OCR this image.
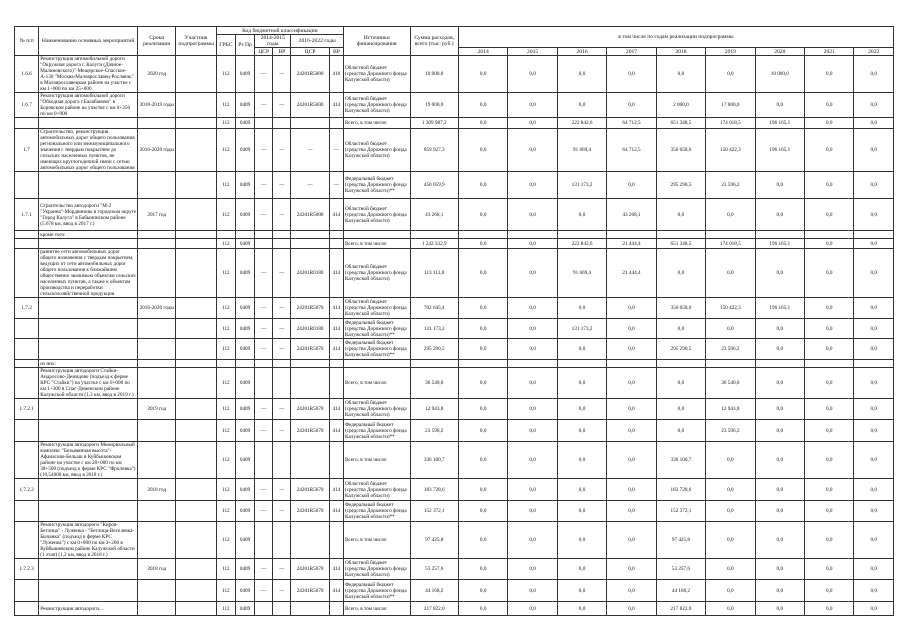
№ п/п	Наименование основных мероприятий	Сроки реализации	Участник подпрограммы	Код бюджетной классификации						Источники финансирования	Сумма расходов, всего (тыс. руб.)	в том числе по годам реализации подпрограммы								
				ГРБС	Рз Пр	2014-2015 годы		2016-2022 годы												
						ЦСР	ВР	ЦСР	ВР			2014	2015	2016	2017	2018	2019	2020	2021	2022
1.6.6	Реконструкция автомобильной дороги "Окружная дорога г. Калуги (Дачное-Малиновского)"-Мещерское-Спасское-А-130 "Москва-Малоярославец-Рославль" в Малоярославецком районе на участке с км 1+000 по км 25+000	2020 год		112	0409	—	—	24201R5000	416	Областной бюджет (средства Дорожного фонда Калужской области)	10 000,0	0,0	0,0	0,0	0,0	0,0	0,0	10 000,0	0,0	0,0
1.6.7	Реконструкция автомобильной дороги "Обходная дорога г.Балабаново" в Боровском районе на участке с км 0+250 по км 0+900	2018-2019 годы		112	0409	—	—	24201R5000	414	Областной бюджет (средства Дорожного фонда Калужской области)	19 000,0	0,0	0,0	0,0	0,0	2 000,0	17 000,0	0,0	0,0	0,0
				112	0409					Всего, в том числе:	1 309 987,2	0,0	0,0	222 842,6	64 712,5	651 348,5	174 018,5	196 165,1	0,0	0,0
1.7	Строительство, реконструкция автомобильных дорог общего пользования регионального или межмуниципального значения с твердым покрытием до сельских населенных пунктов, не имеющих круглогодичной связи с сетью автомобильных дорог общего пользования	2016-2020 годы		112	0409	—	—	—	—	Областной бюджет (средства Дорожного фонда Калужской области)	859 927,3	0,0	0,0	91 669,4	64 712,5	356 058,0	150 422,3	196 165,1	0,0	0,0
				112	0409	—	—	—	—	Федеральный бюджет (средства Дорожного фонда Калужской области)**	450 059,9	0,0	0,0	131 173,2	0,0	295 290,5	23 596,2	0,0	0,0	0,0
1.7.1	Строительство автодороги "М-3 "Украина"-Мордвиново в городском округе "Город Калуга" в Бабынинском районе (5,678 км, ввод в 2017 г.)	2017 год		112	0409	—	—	24201R5000	414	Областной бюджет (средства Дорожного фонда Калужской области)	43 268,1	0,0	0,0	0,0	43 268,1	0,0	0,0	0,0	0,0	0,0
	кроме того:																			
				112	0409					Всего, в том числе:	1 242 332,9	0,0	0,0	222 842,6	21 444,4	651 348,5	174 018,5	196 165,1	0,0	0,0
	развитие сети автомобильных дорог общего назначения с твердым покрытием, ведущих от сети автомобильных дорог общего пользования к ближайшим общественно значимым объектам сельских населенных пунктов, а также к объектам производства и переработки сельскохозяйственной продукции			112	0409	—	—	24201R0180	414	Областной бюджет (средства Дорожного фонда Калужской области)	113 113,8	0,0	0,0	91 669,4	21 444,4	0,0	0,0	0,0	0,0	0,0
1.7.2		2016-2020 годы		112	0409	—	—	24201R5670	414	Областной бюджет (средства Дорожного фонда Калужской области)	702 645,4	0,0	0,0	0,0	0,0	356 058,0	150 422,3	196 165,1	0,0	0,0
				112	0409	—	—	24201R0180	414	Федеральный бюджет (средства Дорожного фонда Калужской области)**	131 173,2	0,0	0,0	131 173,2	0,0	0,0	0,0	0,0	0,0	0,0
				112	0409	—	—	24201R5670	414	Федеральный бюджет (средства Дорожного фонда Калужской области)**	295 290,5	0,0	0,0	0,0	0,0	295 290,5	23 596,2	0,0	0,0	0,0
	из них:																			
	Реконструкция автодороги Стайки-Андросово-Демидово (подъезд к ферме КРС "Стайки") на участке с км 0+000 по км 1+300 в Спас-Деменском районе Калужской области (1,3 км, ввод в 2019 г.)			112	0409					Всего, в том числе:	36 540,0	0,0	0,0	0,0	0,0	0,0	36 540,0	0,0	0,0	0,0
1.7.2.1		2019 год		112	0409	—	—	24201R5670	414	Областной бюджет (средства Дорожного фонда Калужской области)	12 943,8	0,0	0,0	0,0	0,0	0,0	12 943,8	0,0	0,0	0,0
				112	0409	—	—	24201R5670	414	Федеральный бюджет (средства Дорожного фонда Калужской области)**	23 596,2	0,0	0,0	0,0	0,0	0,0	23 596,2	0,0	0,0	0,0
	Реконструкция автодороги Мемориальный комплекс "Безымянная высота"-Афанасово-Бельаш в Куйбышевском районе на участке с км 20+000 по км 30+500 (подъезд к ферме КРС "Фроловка") (10,54000 км, ввод в 2018 г.)			112	0409					Всего, в том числе:	336 100,7	0,0	0,0	0,0	0,0	336 100,7	0,0	0,0	0,0	0,0
1.7.2.2		2018 год		112	0409	—	—	24201R5670	414	Областной бюджет (средства Дорожного фонда Калужской области)	183 728,6	0,0	0,0	0,0	0,0	183 728,6	0,0	0,0	0,0	0,0
				112	0409	—	—	24201R5670	414	Федеральный бюджет (средства Дорожного фонда Калужской области)**	152 372,1	0,0	0,0	0,0	0,0	152 372,1	0,0	0,0	0,0	0,0
	Реконструкция автодороги "Киров-Бетлица" - Луженка - "Бетлица-Веселевка-Бычанка" (подъезд к ферме КРС "Луженка") с км 0+000 по км 3+200 в Куйбышевском районе Калужской области (1 этап) (1,2 км, ввод в 2018 г.)			112	0409					Всего, в том числе:	97 425,8	0,0	0,0	0,0	0,0	97 425,8	0,0	0,0	0,0	0,0
1.7.2.3		2018 год		112	0409	—	—	24201R5670	414	Областной бюджет (средства Дорожного фонда Калужской области)	53 257,6	0,0	0,0	0,0	0,0	53 257,6	0,0	0,0	0,0	0,0
				112	0409	—	—	24201R5670	414	Федеральный бюджет (средства Дорожного фонда Калужской области)**	44 168,2	0,0	0,0	0,0	0,0	44 168,2	0,0	0,0	0,0	0,0
	Реконструкция автодороги...			112	0409					Всего, в том числе:	217 822,0	0,0	0,0	0,0	0,0	217 822,0	0,0	0,0	0,0	0,0
